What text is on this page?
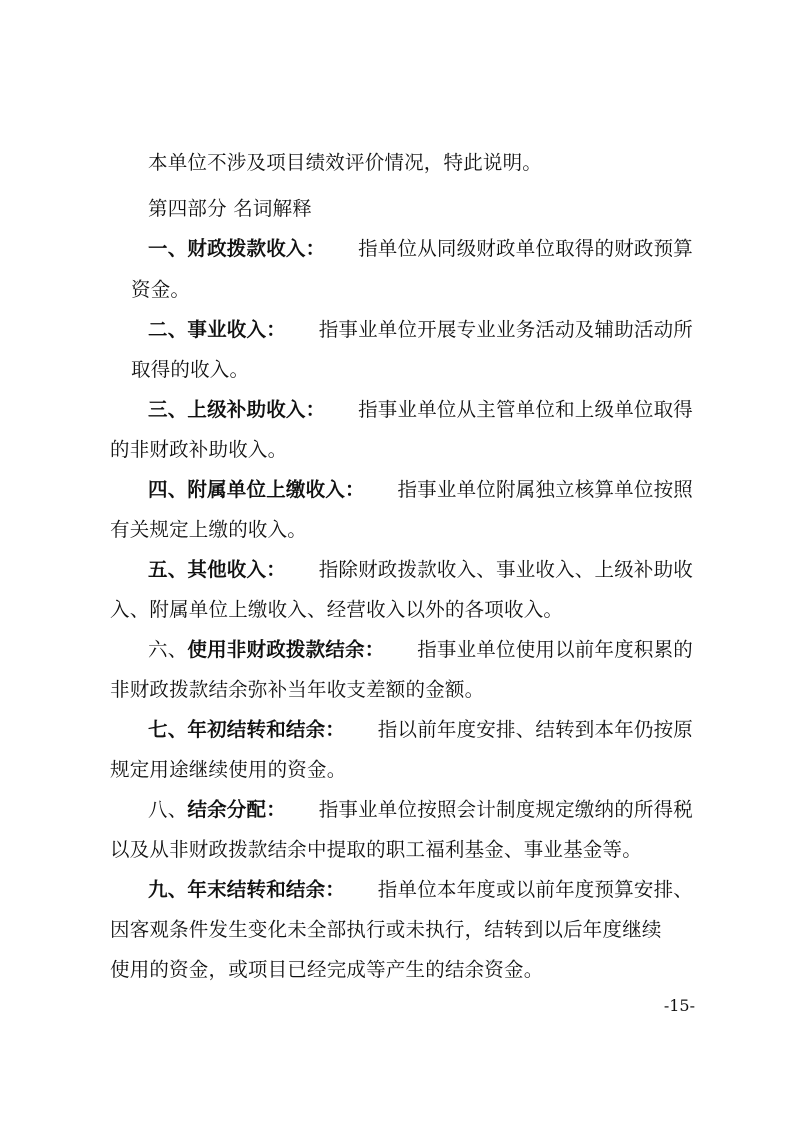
本单位不涉及项目绩效评价情况，特此说明。
第四部分 名词解释
一、财政拨款收入： 指单位从同级财政单位取得的财政预算
资金。
二、事业收入： 指事业单位开展专业业务活动及辅助活动所
取得的收入。
三、上级补助收入： 指事业单位从主管单位和上级单位取得
的非财政补助收入。
四、附属单位上缴收入： 指事业单位附属独立核算单位按照
有关规定上缴的收入。
五、其他收入： 指除财政拨款收入、事业收入、上级补助收
入、附属单位上缴收入、经营收入以外的各项收入。
六、使用非财政拨款结余： 指事业单位使用以前年度积累的
非财政拨款结余弥补当年收支差额的金额。
七、年初结转和结余： 指以前年度安排、结转到本年仍按原
规定用途继续使用的资金。
八、结余分配： 指事业单位按照会计制度规定缴纳的所得税
以及从非财政拨款结余中提取的职工福利基金、事业基金等。
九、年末结转和结余： 指单位本年度或以前年度预算安排、
因客观条件发生变化未全部执行或未执行，结转到以后年度继续
使用的资金，或项目已经完成等产生的结余资金。
-15-
